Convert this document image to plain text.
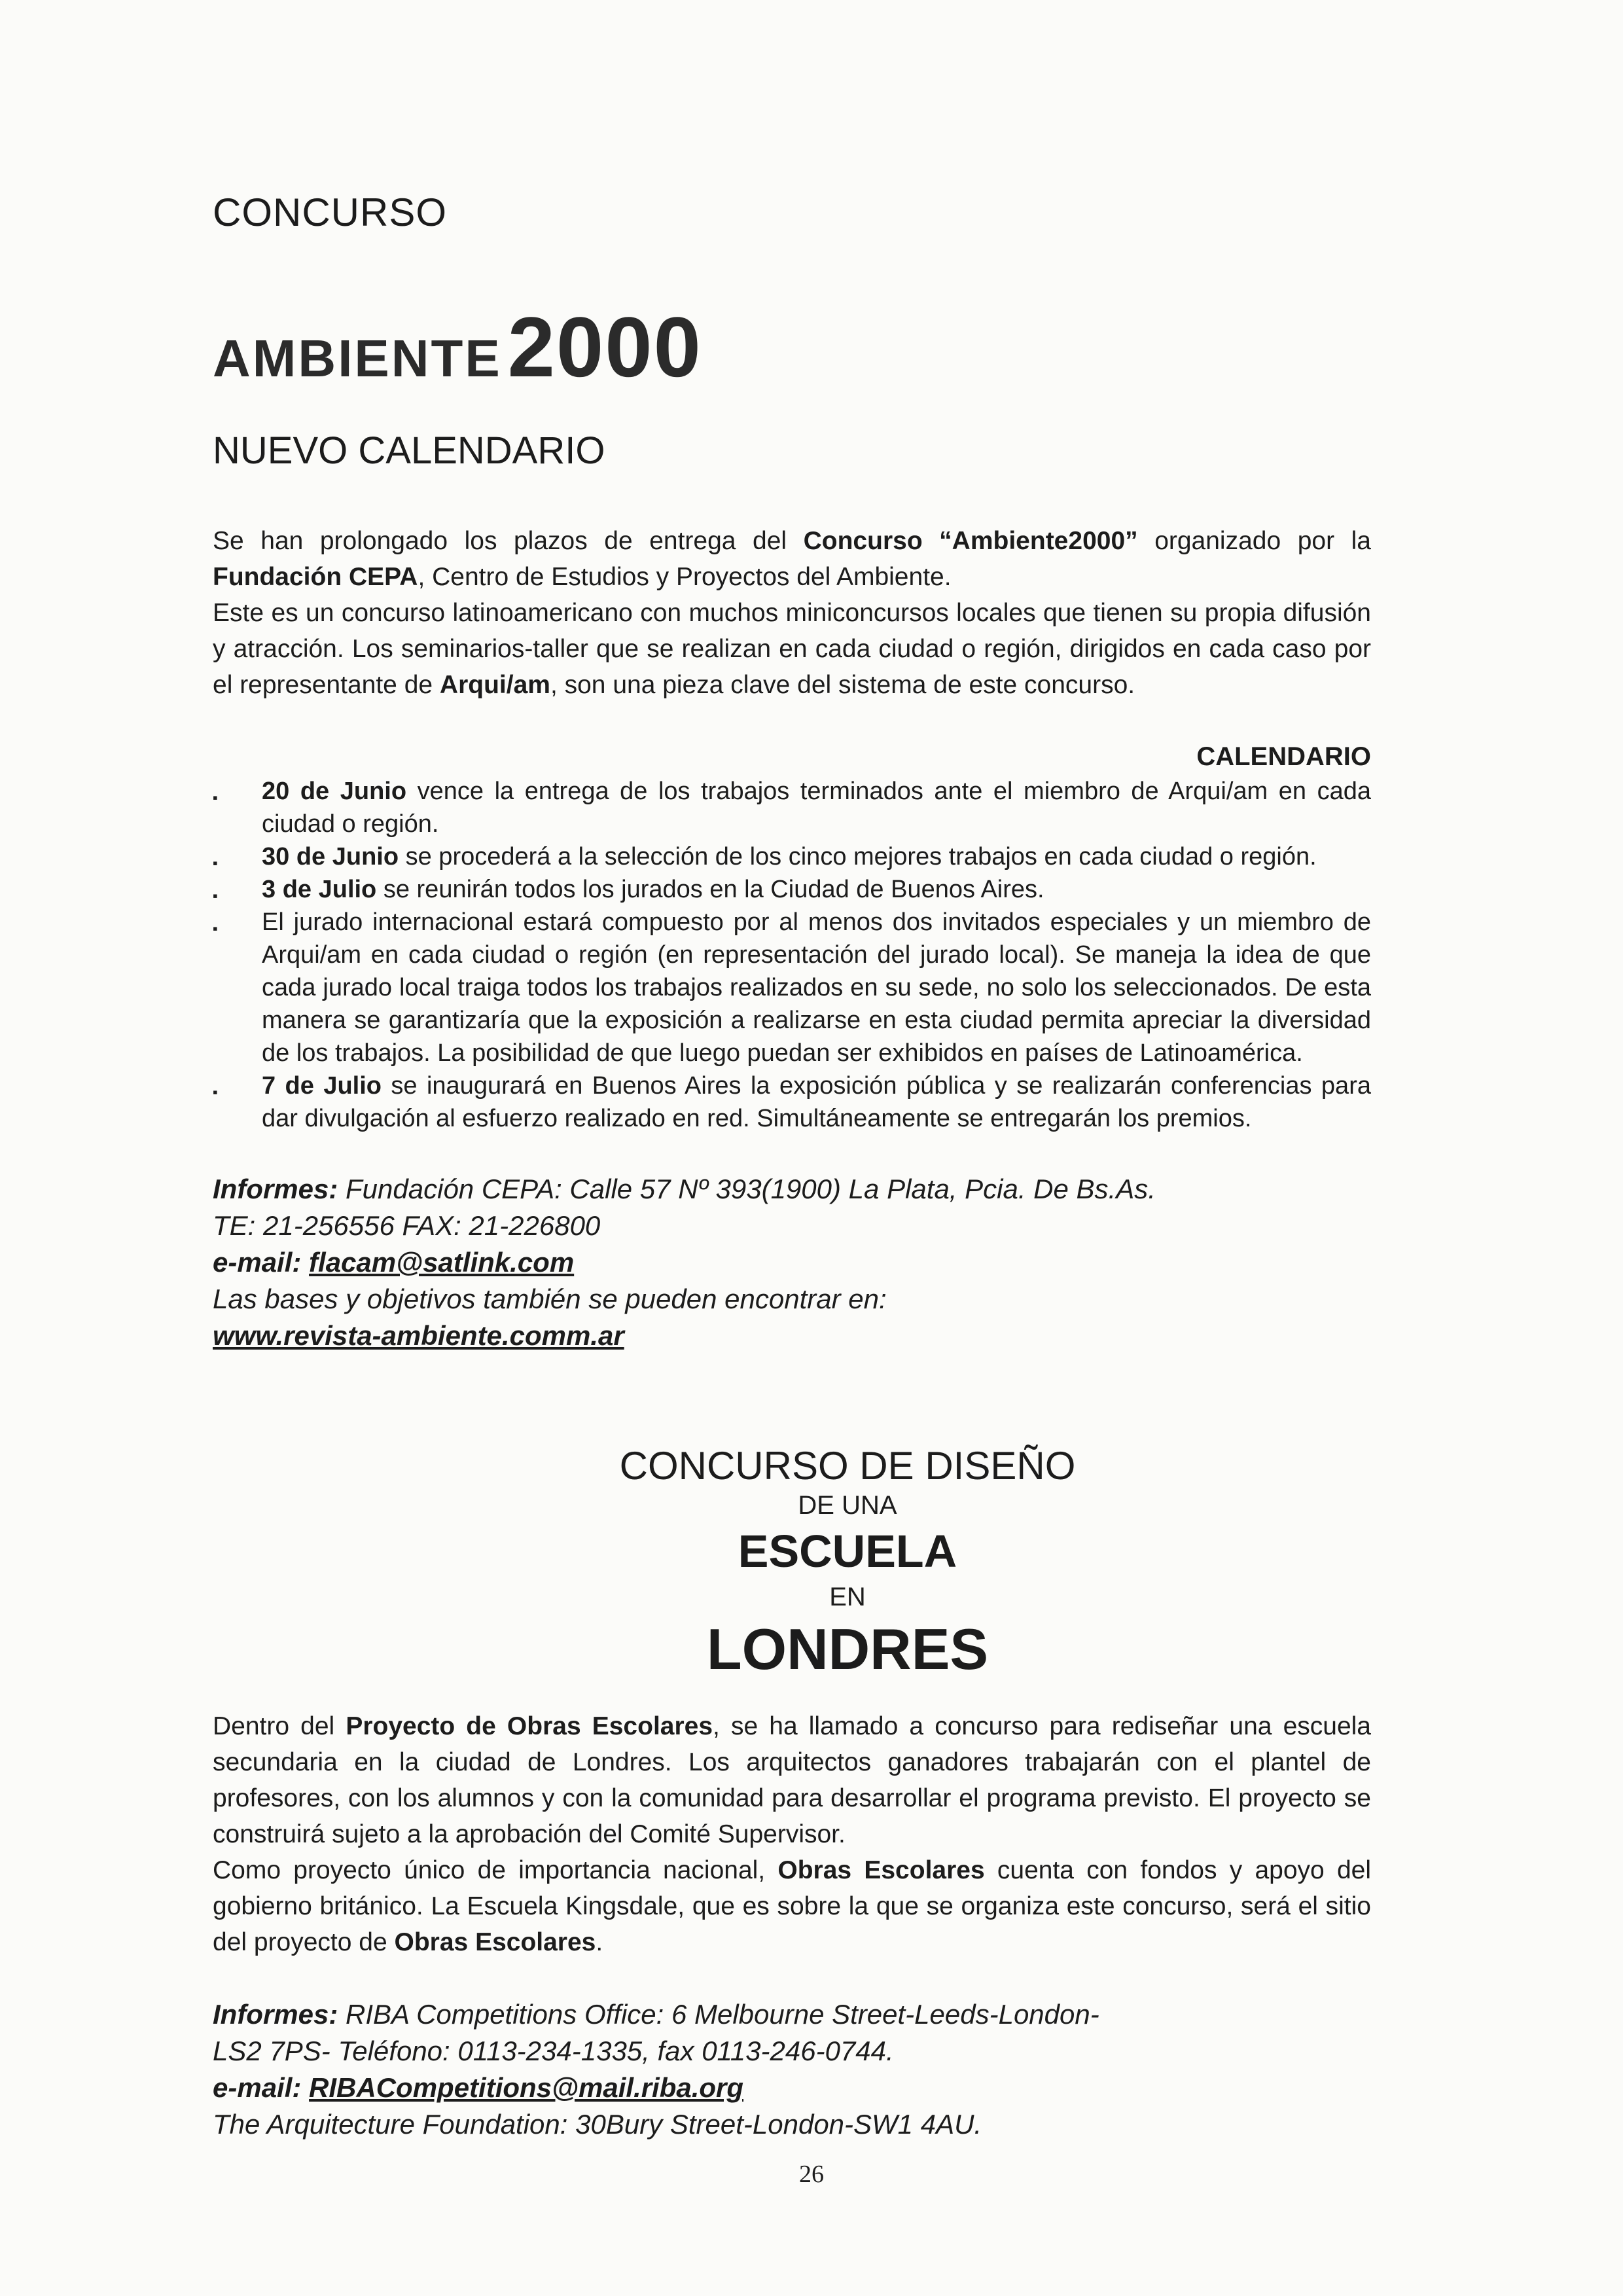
CONCURSO

AMBIENTE 2000

NUEVO CALENDARIO

Se han prolongado los plazos de entrega del Concurso “Ambiente2000” organizado por la Fundación CEPA, Centro de Estudios y Proyectos del Ambiente.

Este es un concurso latinoamericano con muchos miniconcursos locales que tienen su propia difusión y atracción. Los seminarios-taller que se realizan en cada ciudad o región, dirigidos en cada caso por el representante de Arqui/am, son una pieza clave del sistema de este concurso.

CALENDARIO

▪ 20 de Junio vence la entrega de los trabajos terminados ante el miembro de Arqui/am en cada ciudad o región.
▪ 30 de Junio se procederá a la selección de los cinco mejores trabajos en cada ciudad o región.
▪ 3 de Julio se reunirán todos los jurados en la Ciudad de Buenos Aires.
▪ El jurado internacional estará compuesto por al menos dos invitados especiales y un miembro de Arqui/am en cada ciudad o región (en representación del jurado local). Se maneja la idea de que cada jurado local traiga todos los trabajos realizados en su sede, no solo los seleccionados. De esta manera se garantizaría que la exposición a realizarse en esta ciudad permita apreciar la diversidad de los trabajos. La posibilidad de que luego puedan ser exhibidos en países de Latinoamérica.
▪ 7 de Julio se inaugurará en Buenos Aires la exposición pública y se realizarán conferencias para dar divulgación al esfuerzo realizado en red. Simultáneamente se entregarán los premios.
Informes: Fundación CEPA: Calle 57 Nº 393(1900) La Plata, Pcia. De Bs.As.
TE: 21-256556 FAX: 21-226800
e-mail: flacam@satlink.com
Las bases y objetivos también se pueden encontrar en:
www.revista-ambiente.comm.ar

CONCURSO DE DISEÑO

DE UNA

ESCUELA

EN

LONDRES

Dentro del Proyecto de Obras Escolares, se ha llamado a concurso para rediseñar una escuela secundaria en la ciudad de Londres. Los arquitectos ganadores trabajarán con el plantel de profesores, con los alumnos y con la comunidad para desarrollar el programa previsto. El proyecto se construirá sujeto a la aprobación del Comité Supervisor.

Como proyecto único de importancia nacional, Obras Escolares cuenta con fondos y apoyo del gobierno británico. La Escuela Kingsdale, que es sobre la que se organiza este concurso, será el sitio del proyecto de Obras Escolares.

Informes: RIBA Competitions Office: 6 Melbourne Street-Leeds-London-
LS2 7PS- Teléfono: 0113-234-1335, fax 0113-246-0744.
e-mail: RIBACompetitions@mail.riba.org
The Arquitecture Foundation: 30Bury Street-London-SW1 4AU.
26
